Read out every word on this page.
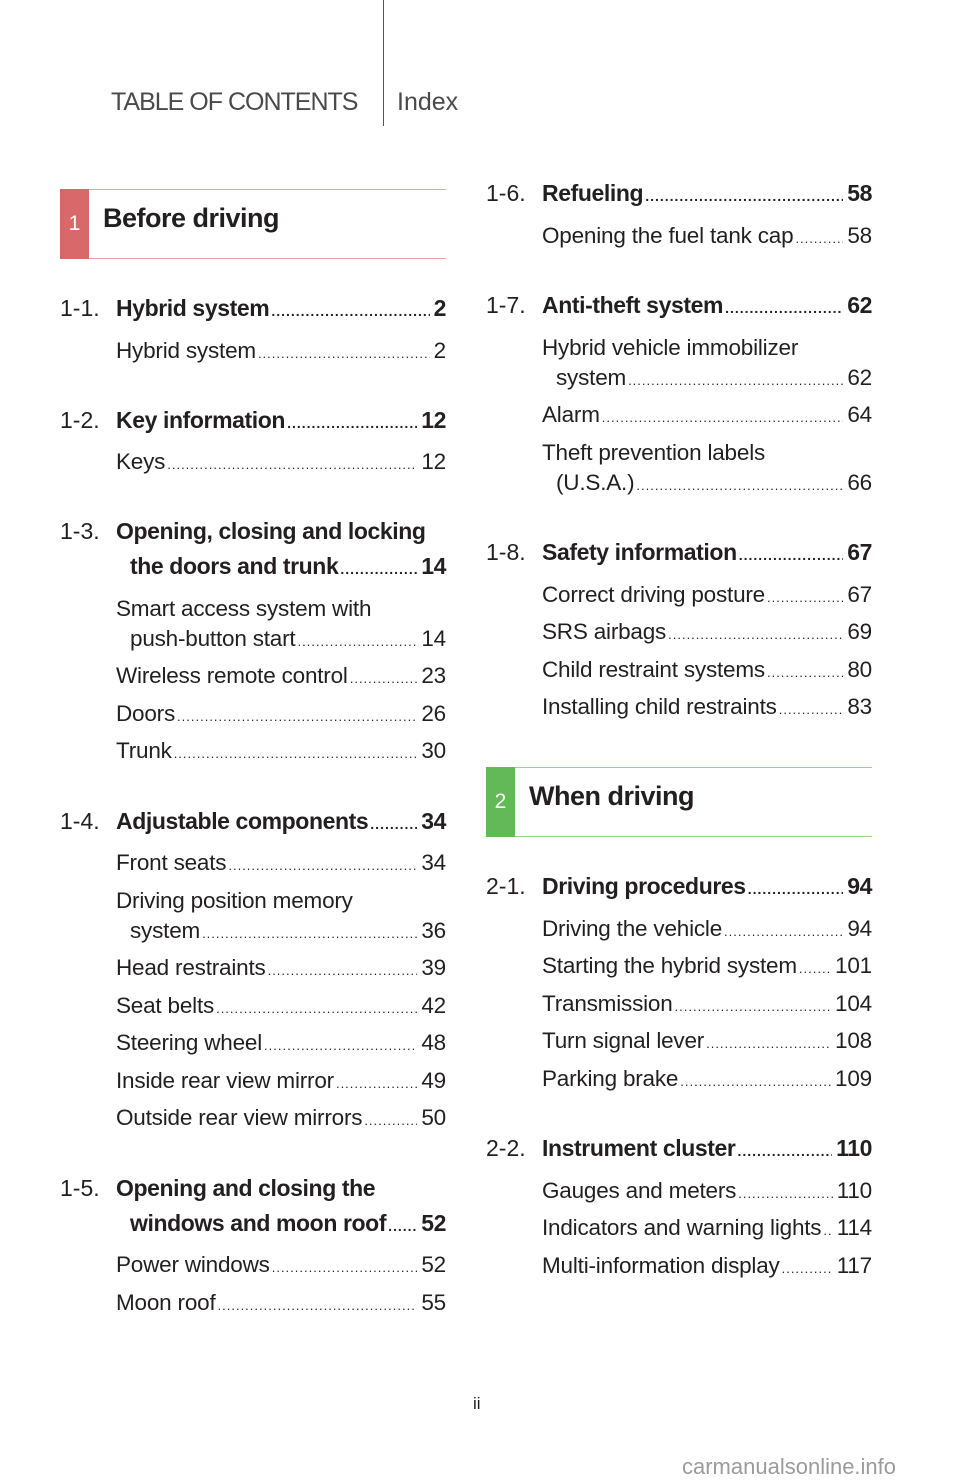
TABLE OF CONTENTS Index
1 Before driving
1-1. Hybrid system .....	2
Hybrid system .....	2
1-2. Key information .....	12
Keys .....	12
1-3. Opening, closing and locking
the doors and trunk .....	14
Smart access system with
push-button start .....	14
Wireless remote control .....	23
Doors .....	26
Trunk .....	30
1-4. Adjustable components ..... 34
Front seats .....	34
Driving position memory
system .....	36
Head restraints .....	39
Seat belts .....	42
Steering wheel .....	48
Inside rear view mirror .....	49
Outside rear view mirrors .....	50
1-5. Opening and closing the
windows and moon roof ..... 52
Power windows .....	52
Moon roof .....	55
1-6. Refueling .....	58
Opening the fuel tank cap ..... 58
1-7. Anti-theft system .....	62
Hybrid vehicle immobilizer
system .....	62
Alarm .....	64
Theft prevention labels
(U.S.A.) .....	66
1-8. Safety information .....	67
Correct driving posture .....	67
SRS airbags .....	69
Child restraint systems .....	80
Installing child restraints .....	83
2 When driving
2-1. Driving procedures .....	94
Driving the vehicle .....	94
Starting the hybrid system ..... 101
Transmission .....	104
Turn signal lever .....	108
Parking brake .....	109
2-2. Instrument cluster .....	110
Gauges and meters .....	110
Indicators and warning lights ..... 114
Multi-information display .....	117
ii
carmanualsonline.info
